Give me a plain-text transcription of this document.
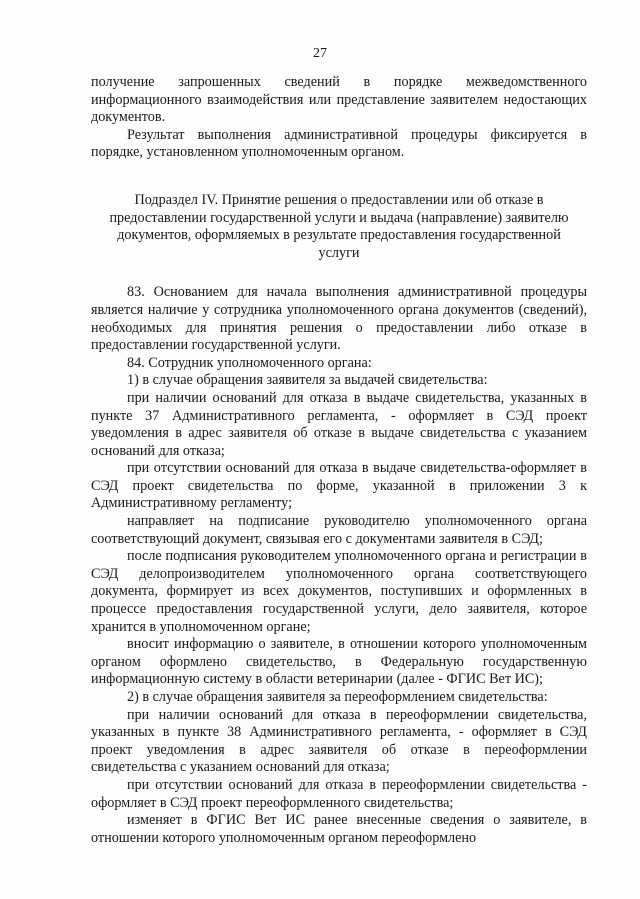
27

получение запрошенных сведений в порядке межведомственного информационного взаимодействия или представление заявителем недостающих документов.

Результат выполнения административной процедуры фиксируется в порядке, установленном уполномоченным органом.

Подраздел IV. Принятие решения о предоставлении или об отказе в предоставлении государственной услуги и выдача (направление) заявителю документов, оформляемых в результате предоставления государственной услуги

83. Основанием для начала выполнения административной процедуры является наличие у сотрудника уполномоченного органа документов (сведений), необходимых для принятия решения о предоставлении либо отказе в предоставлении государственной услуги.

84. Сотрудник уполномоченного органа:

1) в случае обращения заявителя за выдачей свидетельства:

при наличии оснований для отказа в выдаче свидетельства, указанных в пункте 37 Административного регламента, - оформляет в СЭД проект уведомления в адрес заявителя об отказе в выдаче свидетельства с указанием оснований для отказа;

при отсутствии оснований для отказа в выдаче свидетельства-оформляет в СЭД проект свидетельства по форме, указанной в приложении 3 к Административному регламенту;

направляет на подписание руководителю уполномоченного органа соответствующий документ, связывая его с документами заявителя в СЭД;

после подписания руководителем уполномоченного органа и регистрации в СЭД делопроизводителем уполномоченного органа соответствующего документа, формирует из всех документов, поступивших и оформленных в процессе предоставления государственной услуги, дело заявителя, которое хранится в уполномоченном органе;

вносит информацию о заявителе, в отношении которого уполномоченным органом оформлено свидетельство, в Федеральную государственную информационную систему в области ветеринарии (далее - ФГИС Вет ИС);

2) в случае обращения заявителя за переоформлением свидетельства:

при наличии оснований для отказа в переоформлении свидетельства, указанных в пункте 38 Административного регламента, - оформляет в СЭД проект уведомления в адрес заявителя об отказе в переоформлении свидетельства с указанием оснований для отказа;

при отсутствии оснований для отказа в переоформлении свидетельства - оформляет в СЭД проект переоформленного свидетельства;

изменяет в ФГИС Вет ИС ранее внесенные сведения о заявителе, в отношении которого уполномоченным органом переоформлено
